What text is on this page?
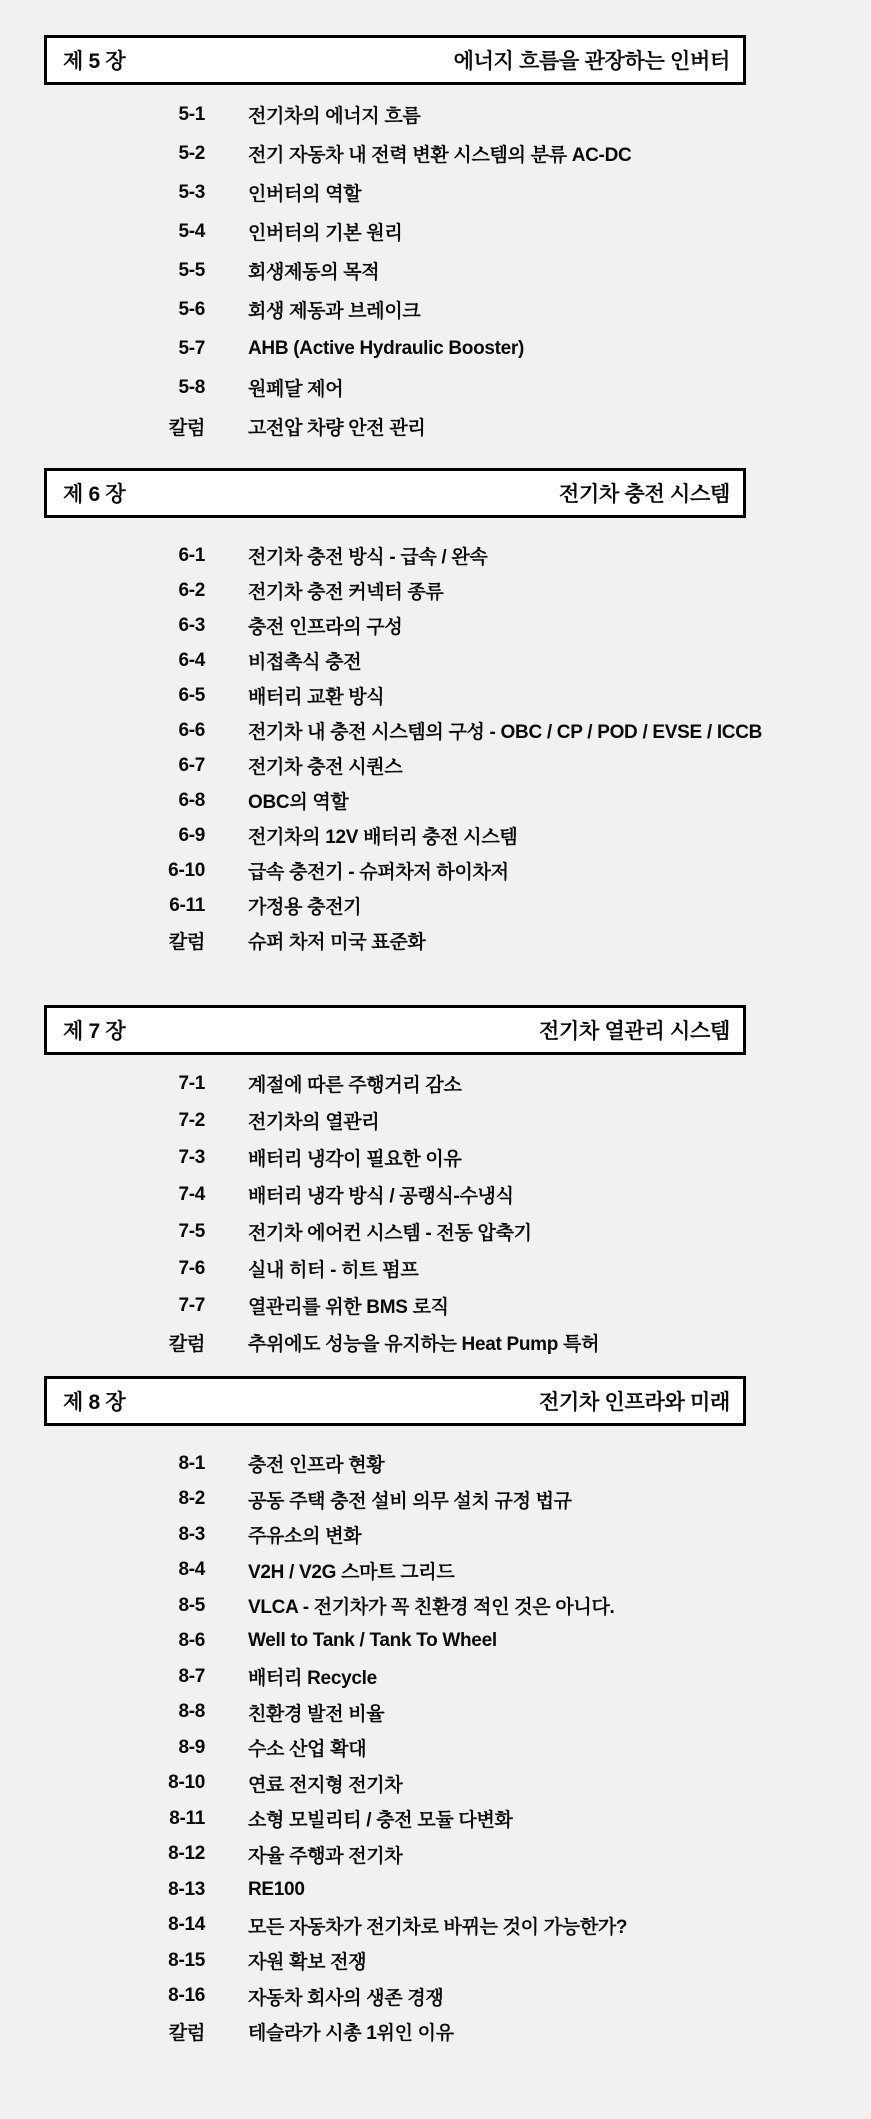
제 5 장	에너지 흐름을 관장하는 인버터
5-1 전기차의 에너지 흐름
5-2 전기 자동차 내 전력 변환 시스템의 분류 AC-DC
5-3 인버터의 역할
5-4 인버터의 기본 원리
5-5 회생제동의 목적
5-6 회생 제동과 브레이크
5-7 AHB (Active Hydraulic Booster)
5-8 원페달 제어
칼럼 고전압 차량 안전 관리
제 6 장	전기차 충전 시스템
6-1 전기차 충전 방식 - 급속 / 완속
6-2 전기차 충전 커넥터 종류
6-3 충전 인프라의 구성
6-4 비접촉식 충전
6-5 배터리 교환 방식
6-6 전기차 내 충전 시스템의 구성 - OBC / CP / POD / EVSE / ICCB
6-7 전기차 충전 시퀀스
6-8 OBC의 역할
6-9 전기차의 12V 배터리 충전 시스템
6-10 급속 충전기 - 슈퍼차저 하이차저
6-11 가정용 충전기
칼럼 슈퍼 차저 미국 표준화
제 7 장	전기차 열관리 시스템
7-1 계절에 따른 주행거리 감소
7-2 전기차의 열관리
7-3 배터리 냉각이 필요한 이유
7-4 배터리 냉각 방식 / 공랭식-수냉식
7-5 전기차 에어컨 시스템 - 전동 압축기
7-6 실내 히터 - 히트 펌프
7-7 열관리를 위한 BMS 로직
칼럼 추위에도 성능을 유지하는 Heat Pump 특허
제 8 장	전기차 인프라와 미래
8-1 충전 인프라 현황
8-2 공동 주택 충전 설비 의무 설치 규정 법규
8-3 주유소의 변화
8-4 V2H / V2G 스마트 그리드
8-5 VLCA - 전기차가 꼭 친환경 적인 것은 아니다.
8-6 Well to Tank / Tank To Wheel
8-7 배터리 Recycle
8-8 친환경 발전 비율
8-9 수소 산업 확대
8-10 연료 전지형 전기차
8-11 소형 모빌리티 / 충전 모듈 다변화
8-12 자율 주행과 전기차
8-13 RE100
8-14 모든 자동차가 전기차로 바뀌는 것이 가능한가?
8-15 자원 확보 전쟁
8-16 자동차 회사의 생존 경쟁
칼럼 테슬라가 시총 1위인 이유
